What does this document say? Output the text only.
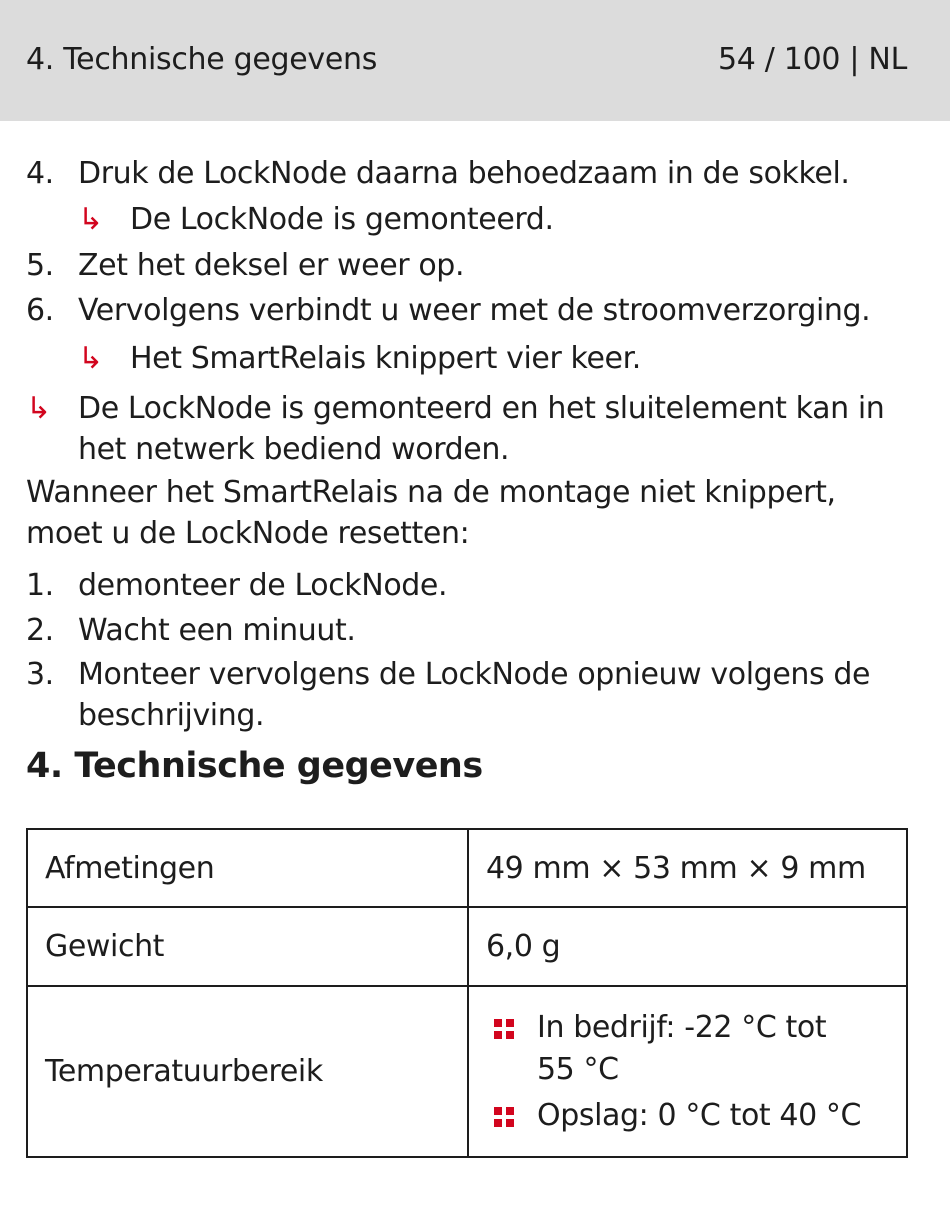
4. Technische gegevens	54 / 100 | NL
4. Druk de LockNode daarna behoedzaam in de sokkel.
↳ De LockNode is gemonteerd.
5. Zet het deksel er weer op.
6. Vervolgens verbindt u weer met de stroomverzorging.
↳ Het SmartRelais knippert vier keer.
↳ De LockNode is gemonteerd en het sluitelement kan in
het netwerk bediend worden.
Wanneer het SmartRelais na de montage niet knippert,
moet u de LockNode resetten:
1. demonteer de LockNode.
2. Wacht een minuut.
3. Monteer vervolgens de LockNode opnieuw volgens de
beschrijving.
4. Technische gegevens
Afmetingen	49 mm × 53 mm × 9 mm
Gewicht	6,0 g
Temperatuurbereik	In bedrijf: -22 °C tot
55 °C
Opslag: 0 °C tot 40 °C
